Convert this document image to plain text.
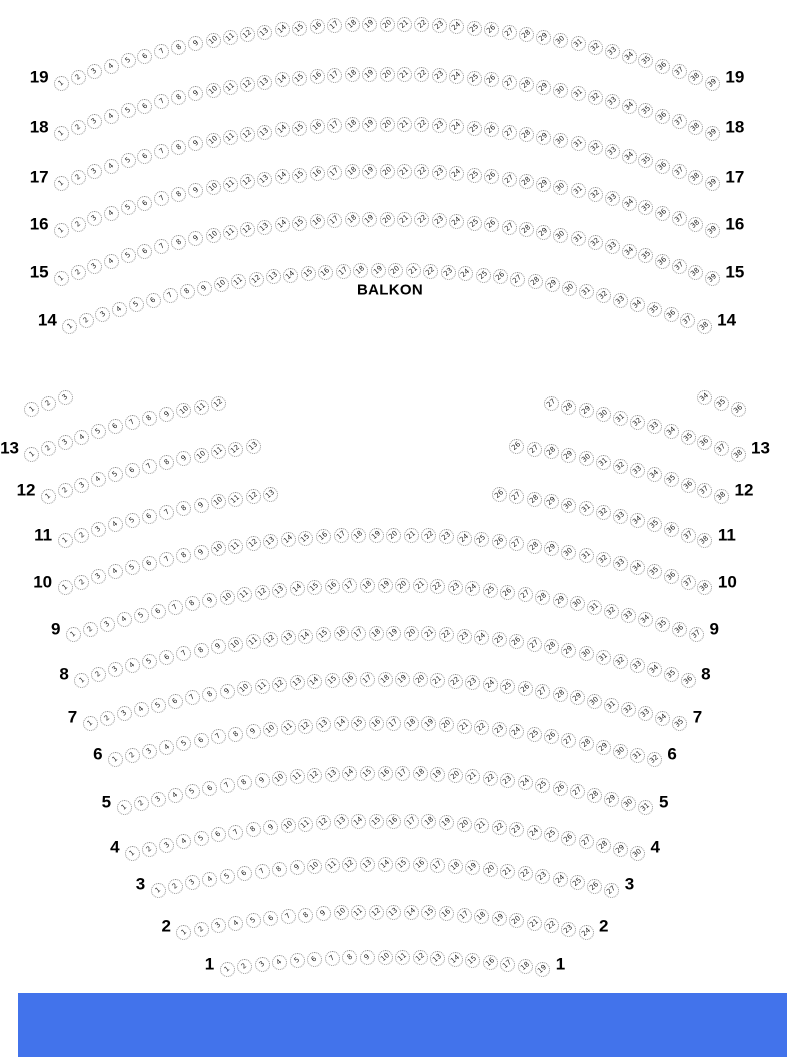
BALKON
1
2
3
4
5
6 7 8 9 10 11 12 13 14 15 16 17 18 19 20 21 22 23 24 25 26 27 28 29 30 31 32 33 34 35 36 37 38
39
19	19
1
2
3
4
5
6 7 8 9 10 11 12 13 14 15 16 17 18 19 20 21 22 23 24 25 26 27 28 29 30 31 32 33 34 35 36 37 38
39
18	18
1
2
3
4
5
6 7 8 9 10 11 12 13 14 15 16 17 18 19 20 21 22 23 24 25 26 27 28 29 30 31 32 33 34 35 36 37 38
39
17	17
1
2
3
4
5
6 7 8 9 10 11 12 13 14 15 16 17 18 19 20 21 22 23 24 25 26 27 28 29 30 31 32 33 34 35 36 37 38
39
16	16
1
2
3
4
5
6 7 8 9 10 11 12 13 14 15 16 17 18 19 20 21 22 23 24 25 26 27 28 29 30 31 32 33 34 35 36 37 38
39
15	15
1
2
3
4
5
6 7 8 9 10 11 12 13 14 15 16 17 18 19 20 21 22 23 24 25 26 27 28 29 30 31 32 33 34 35 36 37 38
14	14
1
2
3	34 35
36
1
2
3
4
5
6
7 8 9 10 11 12	27 28 29 30 31 32 33 34 35 36 37
38
13	13
1
2
3
4
5
6 7 8 9 10 11 12 13	26 27 28 29 30 31 32 33 34 35 36 37 38
12	12
1
2
3
4
5 6 7 8 9 10 11 12 13	26 27 28 29 30 31 32 33 34 35 36 37 38
11	11
1
2
3
4
5 6 7 8 9 10 11 12 13 14 15 16 17 18 19 20 21 22 23 24 25 26 27 28 29 30 31 32 33 34 35 36 37 38
10	10
1
2
3
4 5 6 7 8 9 10 11 12 13 14 15 16 17 18 19 20 21 22 23 24 25 26 27 28 29 30 31 32 33 34 35 36 37
9	9
1
2
3
4 5 6 7 8 9 10 11 12 13 14 15 16 17 18 19 20 21 22 23 24 25 26 27 28 29 30 31 32 33 34 35 36
8	8
1
2
3 4 5 6 7 8 9 10 11 12 13 14 15 16 17 18 19 20 21 22 23 24 25 26 27 28 29 30 31 32 33 34 35
7	7
1
2 3 4 5 6 7 8 9 10 11 12 13 14 15 16 17 18 19 20 21 22 23 24 25 26 27 28 29 30 31 32
6	6
1 2 3 4 5 6 7 8 9 10 11 12 13 14 15 16 17 18 19 20 21 22 23 24 25 26 27 28 29 30 31
5	5
1 2 3 4 5 6 7 8 9 10 11 12 13 14 15 16 17 18 19 20 21 22 23 24 25 26 27 28 29 30
4	4
1 2 3 4 5 6 7 8 9 10 11 12 13 14 15 16 17 18 19 20 21 22 23 24 25 26 27
3	3
1 2 3 4 5 6 7 8 9 10 11 12 13 14 15 16 17 18 19 20 21 22 23 24
2	2
1 2 3 4 5 6 7 8 9 10 11 12 13 14 15 16 17 18 19
1	1
